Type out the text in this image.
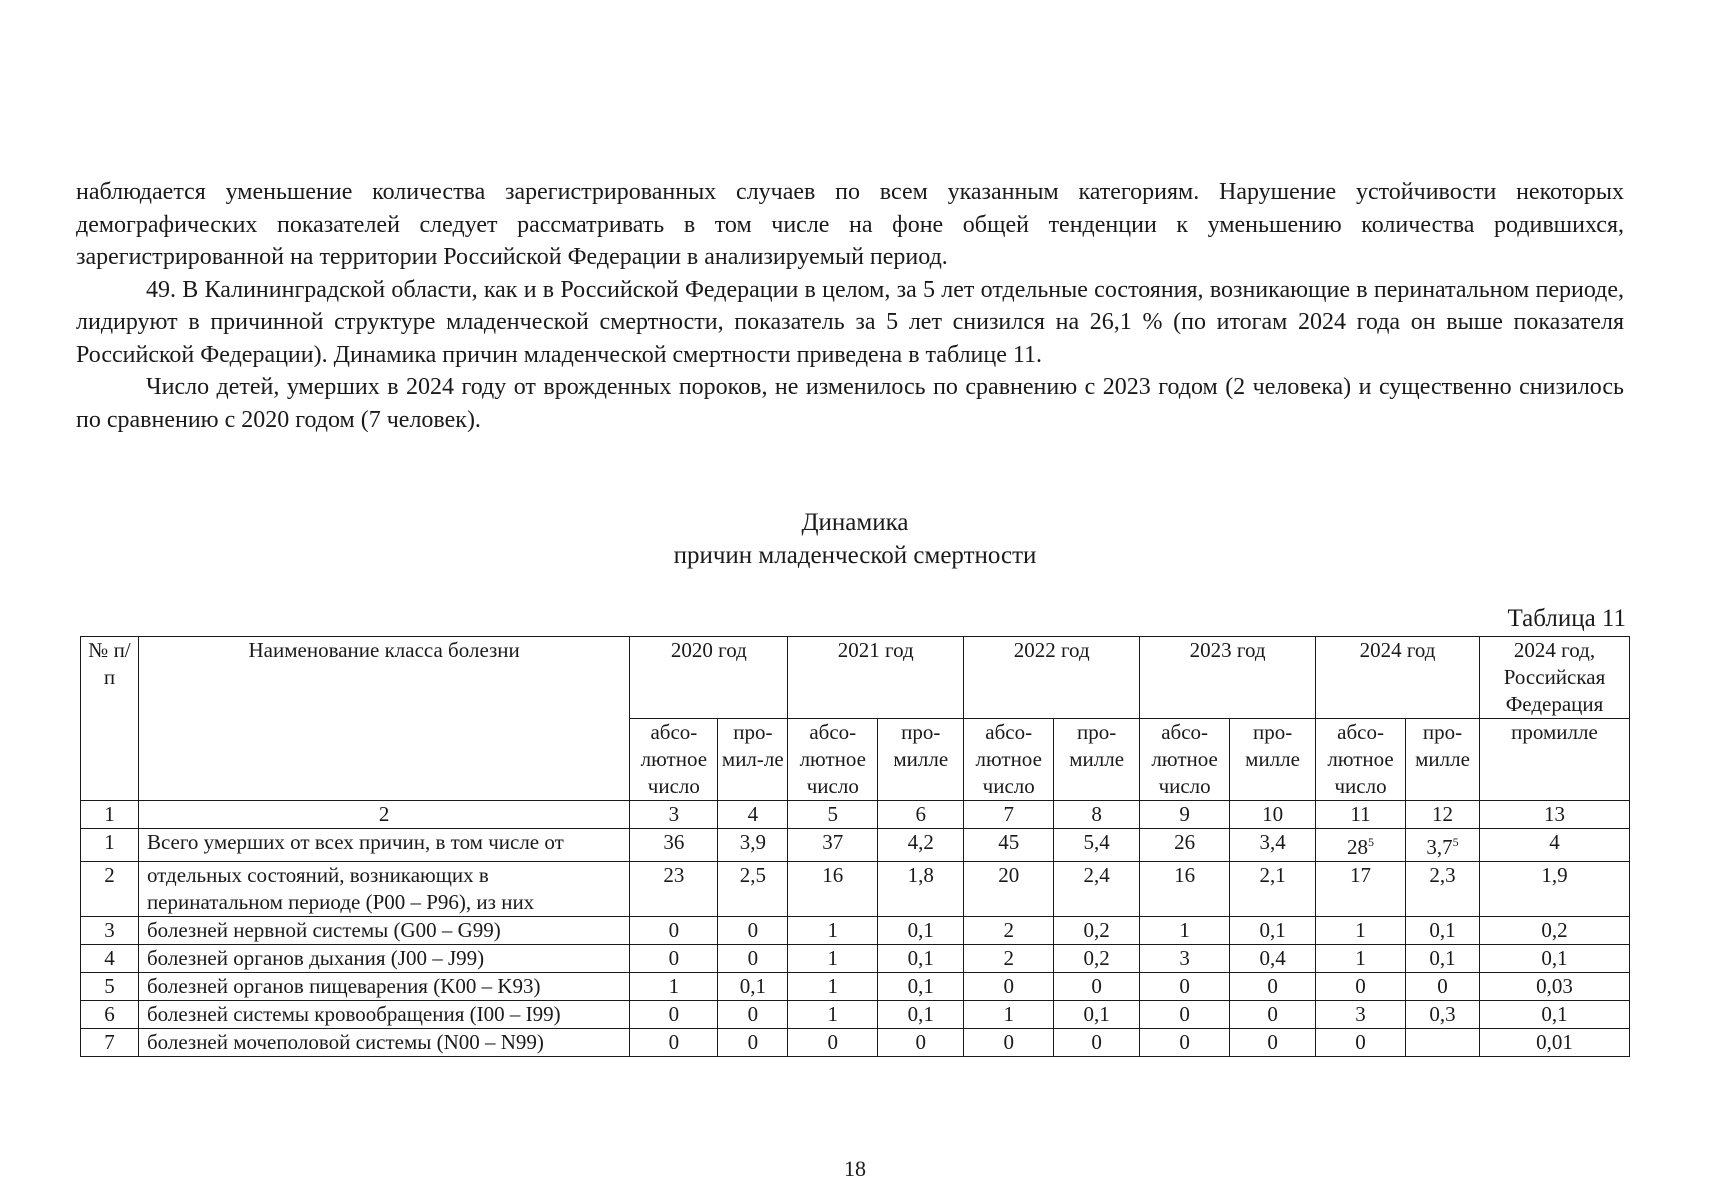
наблюдается уменьшение количества зарегистрированных случаев по всем указанным категориям. Нарушение устойчивости некоторых демографических показателей следует рассматривать в том числе на фоне общей тенденции к уменьшению количества родившихся, зарегистрированной на территории Российской Федерации в анализируемый период.

49. В Калининградской области, как и в Российской Федерации в целом, за 5 лет отдельные состояния, возникающие в перинатальном периоде, лидируют в причинной структуре младенческой смертности, показатель за 5 лет снизился на 26,1 % (по итогам 2024 года он выше показателя Российской Федерации). Динамика причин младенческой смертности приведена в таблице 11.

Число детей, умерших в 2024 году от врожденных пороков, не изменилось по сравнению с 2023 годом (2 человека) и существенно снизилось по сравнению с 2020 годом (7 человек).

Динамика
причин младенческой смертности
Таблица 11
№ п/п	Наименование класса болезни	2020 год		2021 год		2022 год		2023 год		2024 год		2024 год, Российская Федерация
		абсо-лютное число	про-мил-ле	абсо-лютное число	про-милле	абсо-лютное число	про-милле	абсо-лютное число	про-милле	абсо-лютное число	про-милле	промилле
1	2	3	4	5	6	7	8	9	10	11	12	13
1	Всего умерших от всех причин, в том числе от	36	3,9	37	4,2	45	5,4	26	3,4	$28^5$	$3,7^5$	4
2	отдельных состояний, возникающих в перинатальном периоде (Р00 – Р96), из них	23	2,5	16	1,8	20	2,4	16	2,1	17	2,3	1,9
3	болезней нервной системы (G00 – G99)	0	0	1	0,1	2	0,2	1	0,1	1	0,1	0,2
4	болезней органов дыхания (J00 – J99)	0	0	1	0,1	2	0,2	3	0,4	1	0,1	0,1
5	болезней органов пищеварения (K00 – K93)	1	0,1	1	0,1	0	0	0	0	0	0	0,03
6	болезней системы кровообращения (I00 – I99)	0	0	1	0,1	1	0,1	0	0	3	0,3	0,1
7	болезней мочеполовой системы (N00 – N99)	0	0	0	0	0	0	0	0	0		0,01
18
